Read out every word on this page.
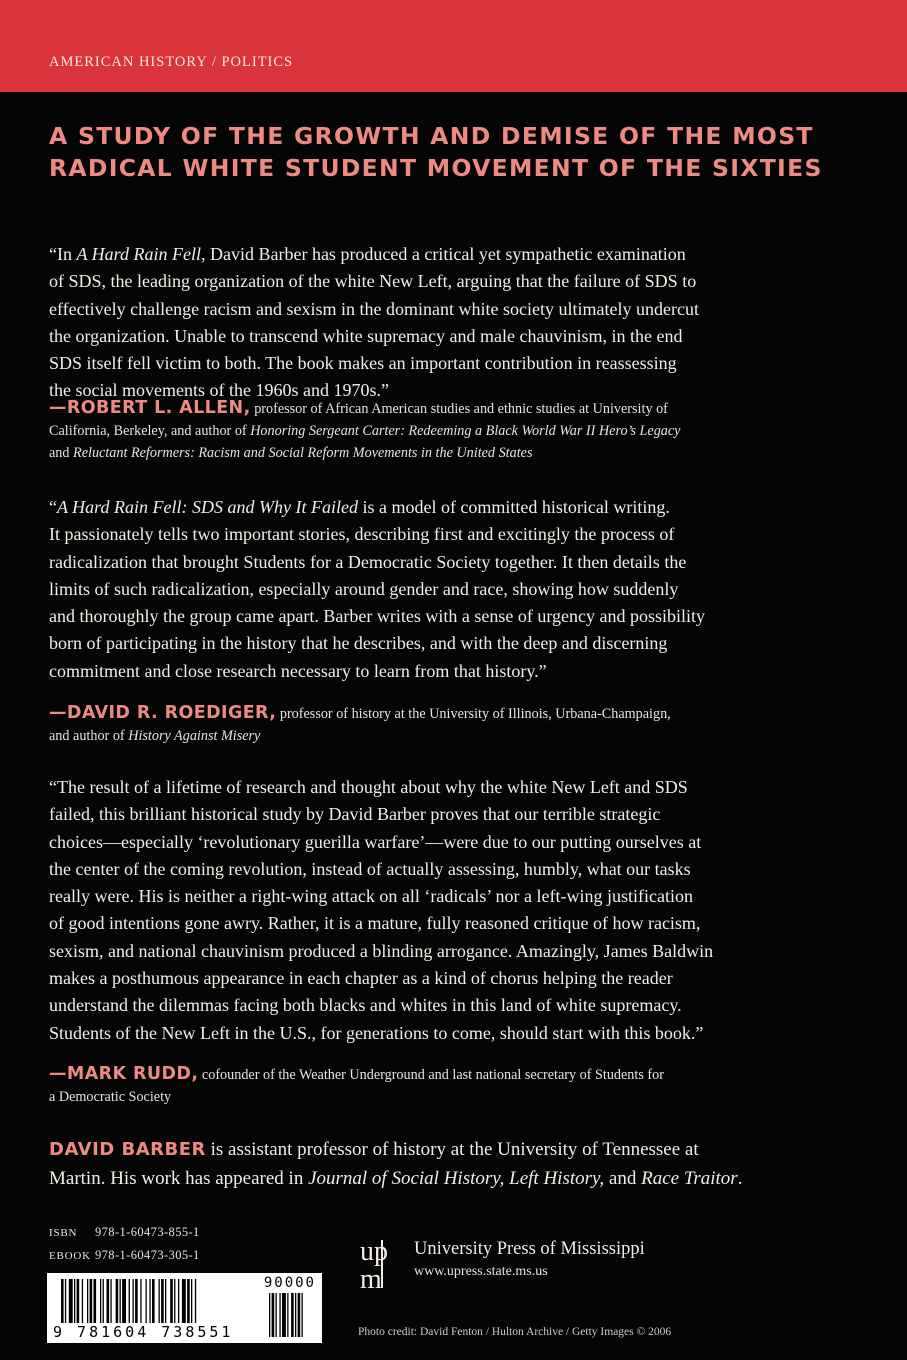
AMERICAN HISTORY / POLITICS
A STUDY OF THE GROWTH AND DEMISE OF THE MOST
RADICAL WHITE STUDENT MOVEMENT OF THE SIXTIES
“In A Hard Rain Fell, David Barber has produced a critical yet sympathetic examination
of SDS, the leading organization of the white New Left, arguing that the failure of SDS to
effectively challenge racism and sexism in the dominant white society ultimately undercut
the organization. Unable to transcend white supremacy and male chauvinism, in the end
SDS itself fell victim to both. The book makes an important contribution in reassessing
the social movements of the 1960s and 1970s.”
—ROBERT L. ALLEN, professor of African American studies and ethnic studies at University of
California, Berkeley, and author of Honoring Sergeant Carter: Redeeming a Black World War II Hero’s Legacy
and Reluctant Reformers: Racism and Social Reform Movements in the United States
“A Hard Rain Fell: SDS and Why It Failed is a model of committed historical writing.
It passionately tells two important stories, describing first and excitingly the process of
radicalization that brought Students for a Democratic Society together. It then details the
limits of such radicalization, especially around gender and race, showing how suddenly
and thoroughly the group came apart. Barber writes with a sense of urgency and possibility
born of participating in the history that he describes, and with the deep and discerning
commitment and close research necessary to learn from that history.”
—DAVID R. ROEDIGER, professor of history at the University of Illinois, Urbana-Champaign,
and author of History Against Misery
“The result of a lifetime of research and thought about why the white New Left and SDS
failed, this brilliant historical study by David Barber proves that our terrible strategic
choices—especially ‘revolutionary guerilla warfare’—were due to our putting ourselves at
the center of the coming revolution, instead of actually assessing, humbly, what our tasks
really were. His is neither a right-wing attack on all ‘radicals’ nor a left-wing justification
of good intentions gone awry. Rather, it is a mature, fully reasoned critique of how racism,
sexism, and national chauvinism produced a blinding arrogance. Amazingly, James Baldwin
makes a posthumous appearance in each chapter as a kind of chorus helping the reader
understand the dilemmas facing both blacks and whites in this land of white supremacy.
Students of the New Left in the U.S., for generations to come, should start with this book.”
—MARK RUDD, cofounder of the Weather Underground and last national secretary of Students for
a Democratic Society
DAVID BARBER is assistant professor of history at the University of Tennessee at
Martin. His work has appeared in Journal of Social History, Left History, and Race Traitor.
ISBN 978-1-60473-855-1
EBOOK 978-1-60473-305-1
9 781604 738551
90000
up
m
University Press of Mississippi
www.upress.state.ms.us
Photo credit: David Fenton / Hulton Archive / Getty Images © 2006
